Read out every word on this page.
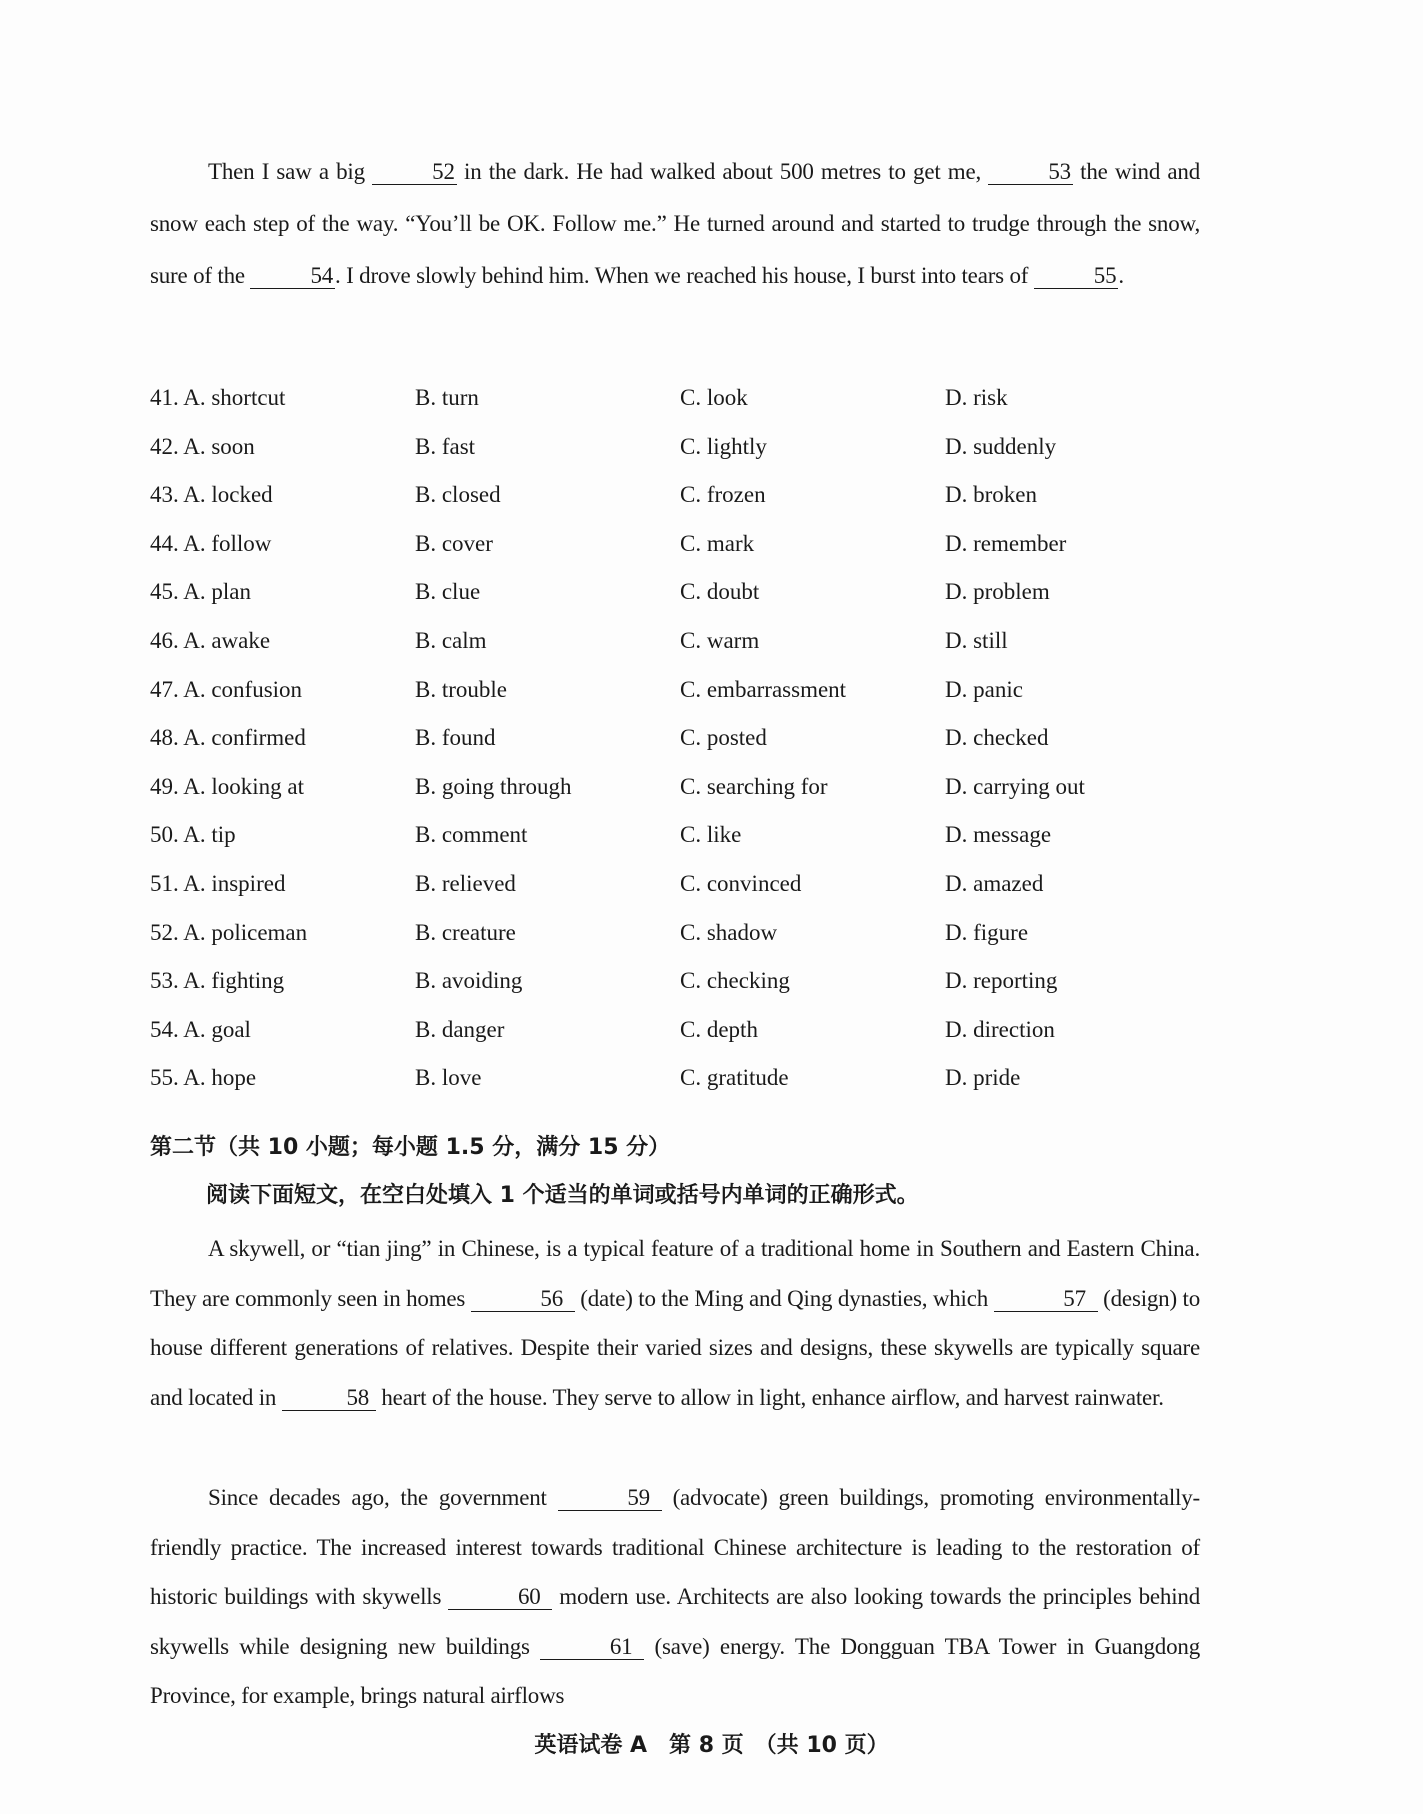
Then I saw a big	52 in the dark. He had walked about 500 metres to get me,	53 the wind and snow each step of the way. “You’ll be OK. Follow me.” He turned around and started to trudge through the snow, sure of the	54. I drove slowly behind him. When we reached his house, I burst into tears of	55.
41. A. shortcut	B. turn	C. look	D. risk
42. A. soon	B. fast	C. lightly	D. suddenly
43. A. locked	B. closed	C. frozen	D. broken
44. A. follow	B. cover	C. mark	D. remember
45. A. plan	B. clue	C. doubt	D. problem
46. A. awake	B. calm	C. warm	D. still
47. A. confusion	B. trouble	C. embarrassment	D. panic
48. A. confirmed	B. found	C. posted	D. checked
49. A. looking at	B. going through	C. searching for	D. carrying out
50. A. tip	B. comment	C. like	D. message
51. A. inspired	B. relieved	C. convinced	D. amazed
52. A. policeman	B. creature	C. shadow	D. figure
53. A. fighting	B. avoiding	C. checking	D. reporting
54. A. goal	B. danger	C. depth	D. direction
55. A. hope	B. love	C. gratitude	D. pride
第二节（共 10 小题；每小题 1.5 分，满分 15 分）
阅读下面短文，在空白处填入 1 个适当的单词或括号内单词的正确形式。
A skywell, or “tian jing” in Chinese, is a typical feature of a traditional home in Southern and Eastern China. They are commonly seen in homes	56 (date) to the Ming and Qing dynasties, which	57 (design) to house different generations of relatives. Despite their varied sizes and designs, these skywells are typically square and located in	58 heart of the house. They serve to allow in light, enhance airflow, and harvest rainwater.
Since decades ago, the government	59 (advocate) green buildings, promoting environmentally-friendly practice. The increased interest towards traditional Chinese architecture is leading to the restoration of historic buildings with skywells	60 modern use. Architects are also looking towards the principles behind skywells while designing new buildings	61 (save) energy. The Dongguan TBA Tower in Guangdong Province, for example, brings natural airflows
英语试卷 A　第 8 页　（共 10 页）
